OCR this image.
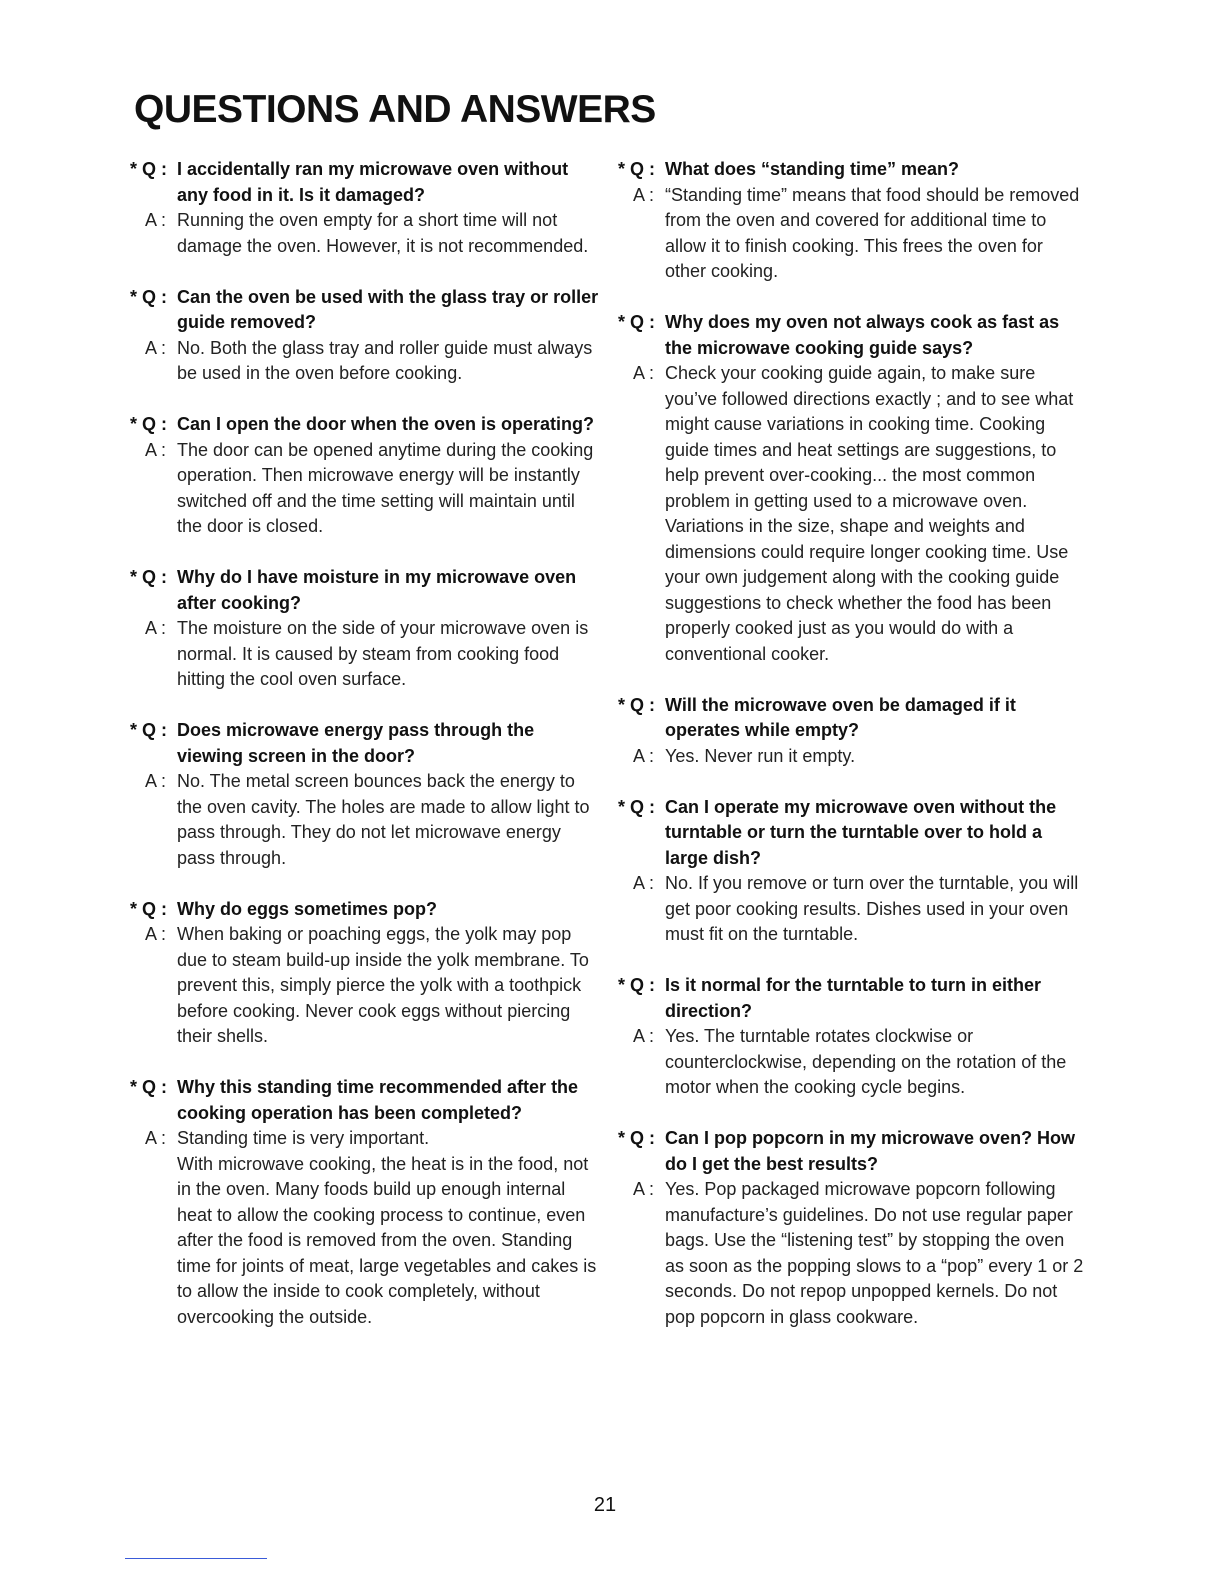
QUESTIONS AND ANSWERS
* Q : I accidentally ran my microwave oven without any food in it. Is it damaged?
A : Running the oven empty for a short time will not damage the oven. However, it is not recommended.
* Q : Can the oven be used with the glass tray or roller guide removed?
A : No. Both the glass tray and roller guide must always be used in the oven before cooking.
* Q : Can I open the door when the oven is operating?
A : The door can be opened anytime during the cooking operation. Then microwave energy will be instantly switched off and the time setting will maintain until the door is closed.
* Q : Why do I have moisture in my microwave oven after cooking?
A : The moisture on the side of your microwave oven is normal. It is caused by steam from cooking food hitting the cool oven surface.
* Q : Does microwave energy pass through the viewing screen in the door?
A : No. The metal screen bounces back the energy to the oven cavity. The holes are made to allow light to pass through. They do not let microwave energy pass through.
* Q : Why do eggs sometimes pop?
A : When baking or poaching eggs, the yolk may pop due to steam build-up inside the yolk membrane. To prevent this, simply pierce the yolk with a toothpick before cooking. Never cook eggs without piercing their shells.
* Q : Why this standing time recommended after the cooking operation has been completed?
A : Standing time is very important.
With microwave cooking, the heat is in the food, not in the oven. Many foods build up enough internal heat to allow the cooking process to continue, even after the food is removed from the oven. Standing time for joints of meat, large vegetables and cakes is to allow the inside to cook completely, without overcooking the outside.
* Q : What does “standing time” mean?
A : “Standing time” means that food should be removed from the oven and covered for additional time to allow it to finish cooking. This frees the oven for other cooking.
* Q : Why does my oven not always cook as fast as the microwave cooking guide says?
A : Check your cooking guide again, to make sure you’ve followed directions exactly ; and to see what might cause variations in cooking time. Cooking guide times and heat settings are suggestions, to help prevent over-cooking... the most common problem in getting used to a microwave oven. Variations in the size, shape and weights and dimensions could require longer cooking time. Use your own judgement along with the cooking guide suggestions to check whether the food has been properly cooked just as you would do with a conventional cooker.
* Q : Will the microwave oven be damaged if it operates while empty?
A : Yes. Never run it empty.
* Q : Can I operate my microwave oven without the turntable or turn the turntable over to hold a large dish?
A : No. If you remove or turn over the turntable, you will get poor cooking results. Dishes used in your oven must fit on the turntable.
* Q : Is it normal for the turntable to turn in either direction?
A : Yes. The turntable rotates clockwise or counterclockwise, depending on the rotation of the motor when the cooking cycle begins.
* Q : Can I pop popcorn in my microwave oven? How do I get the best results?
A : Yes. Pop packaged microwave popcorn following manufacture’s guidelines. Do not use regular paper bags. Use the “listening test” by stopping the oven as soon as the popping slows to a “pop” every 1 or 2 seconds. Do not repop unpopped kernels. Do not pop popcorn in glass cookware.
21
